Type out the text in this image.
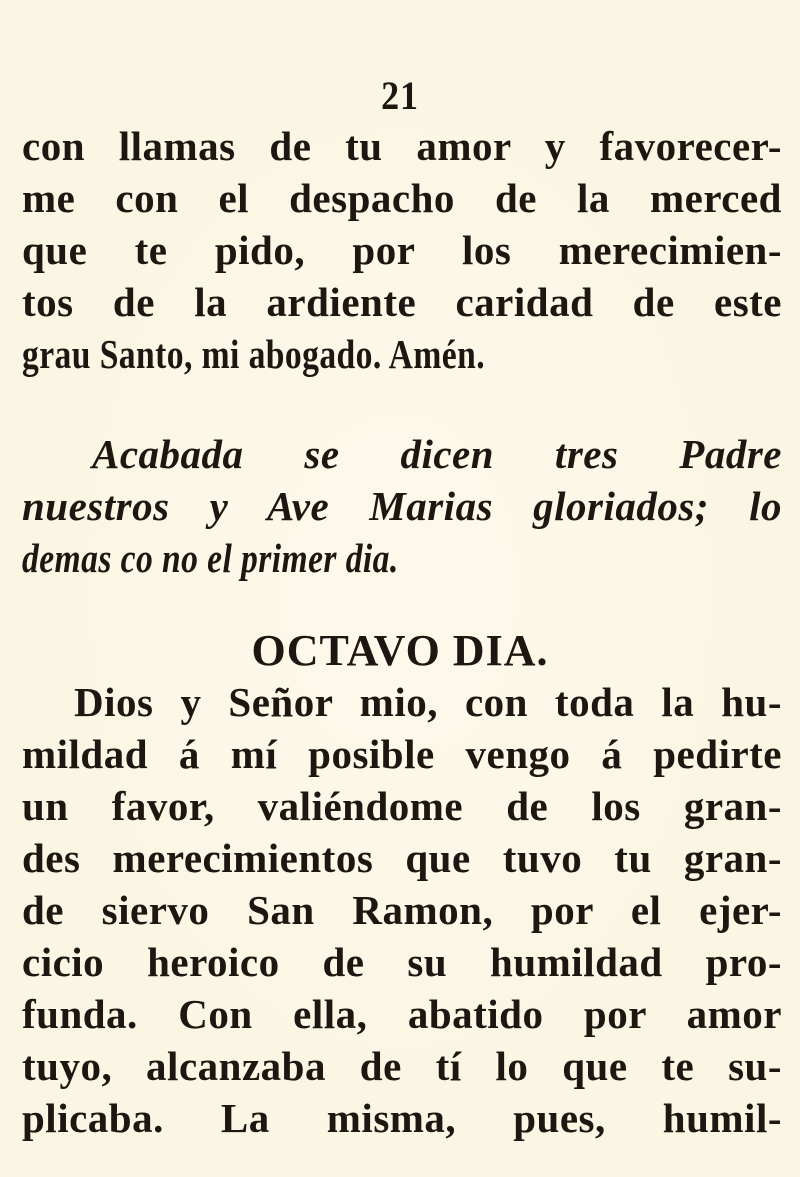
21
con llamas de tu amor y favorecer-
me con el despacho de la merced
que te pido, por los merecimien-
tos de la ardiente caridad de este
grau Santo, mi abogado. Amén.
Acabada se dicen tres Padre
nuestros y Ave Marias gloriados; lo
demas co no el primer dia.
OCTAVO DIA.
Dios y Señor mio, con toda la hu-
mildad á mí posible vengo á pedirte
un favor, valiéndome de los gran-
des merecimientos que tuvo tu gran-
de siervo San Ramon, por el ejer-
cicio heroico de su humildad pro-
funda. Con ella, abatido por amor
tuyo, alcanzaba de tí lo que te su-
plicaba. La misma, pues, humil-
